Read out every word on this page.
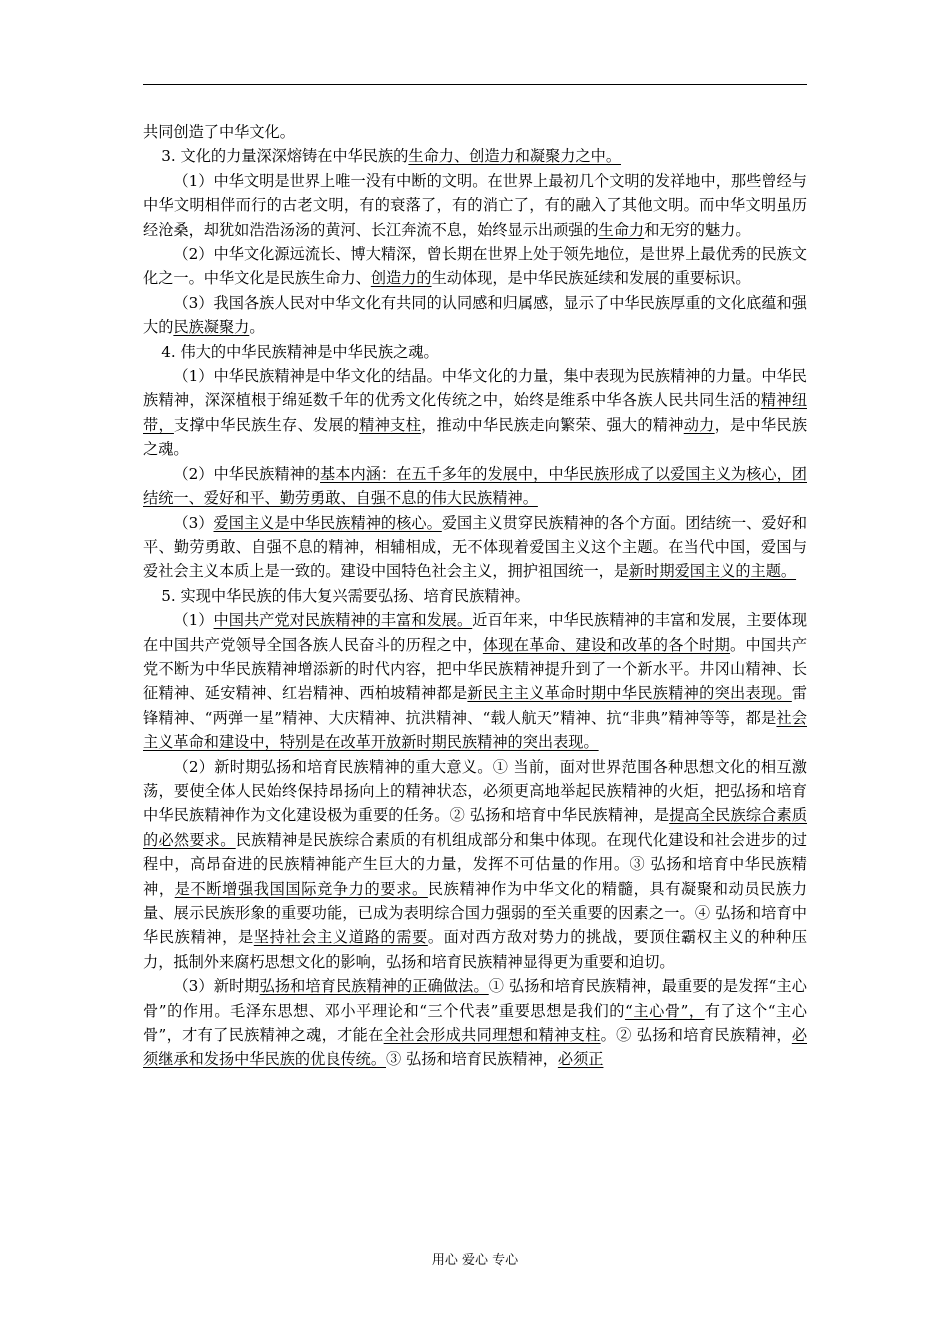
共同创造了中华文化。

3. 文化的力量深深熔铸在中华民族的生命力、创造力和凝聚力之中。

（1）中华文明是世界上唯一没有中断的文明。在世界上最初几个文明的发祥地中，那些曾经与中华文明相伴而行的古老文明，有的衰落了，有的消亡了，有的融入了其他文明。而中华文明虽历经沧桑，却犹如浩浩汤汤的黄河、长江奔流不息，始终显示出顽强的生命力和无穷的魅力。

（2）中华文化源远流长、博大精深，曾长期在世界上处于领先地位，是世界上最优秀的民族文化之一。中华文化是民族生命力、创造力的生动体现，是中华民族延续和发展的重要标识。

（3）我国各族人民对中华文化有共同的认同感和归属感，显示了中华民族厚重的文化底蕴和强大的民族凝聚力。

4. 伟大的中华民族精神是中华民族之魂。

（1）中华民族精神是中华文化的结晶。中华文化的力量，集中表现为民族精神的力量。中华民族精神，深深植根于绵延数千年的优秀文化传统之中，始终是维系中华各族人民共同生活的精神纽带，支撑中华民族生存、发展的精神支柱，推动中华民族走向繁荣、强大的精神动力，是中华民族之魂。

（2）中华民族精神的基本内涵：在五千多年的发展中，中华民族形成了以爱国主义为核心，团结统一、爱好和平、勤劳勇敢、自强不息的伟大民族精神。

（3）爱国主义是中华民族精神的核心。爱国主义贯穿民族精神的各个方面。团结统一、爱好和平、勤劳勇敢、自强不息的精神，相辅相成，无不体现着爱国主义这个主题。在当代中国，爱国与爱社会主义本质上是一致的。建设中国特色社会主义，拥护祖国统一，是新时期爱国主义的主题。

5. 实现中华民族的伟大复兴需要弘扬、培育民族精神。

（1）中国共产党对民族精神的丰富和发展。近百年来，中华民族精神的丰富和发展，主要体现在中国共产党领导全国各族人民奋斗的历程之中，体现在革命、建设和改革的各个时期。中国共产党不断为中华民族精神增添新的时代内容，把中华民族精神提升到了一个新水平。井冈山精神、长征精神、延安精神、红岩精神、西柏坡精神都是新民主主义革命时期中华民族精神的突出表现。雷锋精神、“两弹一星”精神、大庆精神、抗洪精神、“载人航天”精神、抗“非典”精神等等，都是社会主义革命和建设中，特别是在改革开放新时期民族精神的突出表现。

（2）新时期弘扬和培育民族精神的重大意义。① 当前，面对世界范围各种思想文化的相互激荡，要使全体人民始终保持昂扬向上的精神状态，必须更高地举起民族精神的火炬，把弘扬和培育中华民族精神作为文化建设极为重要的任务。② 弘扬和培育中华民族精神，是提高全民族综合素质的必然要求。民族精神是民族综合素质的有机组成部分和集中体现。在现代化建设和社会进步的过程中，高昂奋进的民族精神能产生巨大的力量，发挥不可估量的作用。③ 弘扬和培育中华民族精神，是不断增强我国国际竞争力的要求。民族精神作为中华文化的精髓，具有凝聚和动员民族力量、展示民族形象的重要功能，已成为表明综合国力强弱的至关重要的因素之一。④ 弘扬和培育中华民族精神，是坚持社会主义道路的需要。面对西方敌对势力的挑战，要顶住霸权主义的种种压力，抵制外来腐朽思想文化的影响，弘扬和培育民族精神显得更为重要和迫切。

（3）新时期弘扬和培育民族精神的正确做法。① 弘扬和培育民族精神，最重要的是发挥“主心骨”的作用。毛泽东思想、邓小平理论和“三个代表”重要思想是我们的“主心骨”，有了这个“主心骨”，才有了民族精神之魂，才能在全社会形成共同理想和精神支柱。② 弘扬和培育民族精神，必须继承和发扬中华民族的优良传统。③ 弘扬和培育民族精神，必须正

用心 爱心 专心
